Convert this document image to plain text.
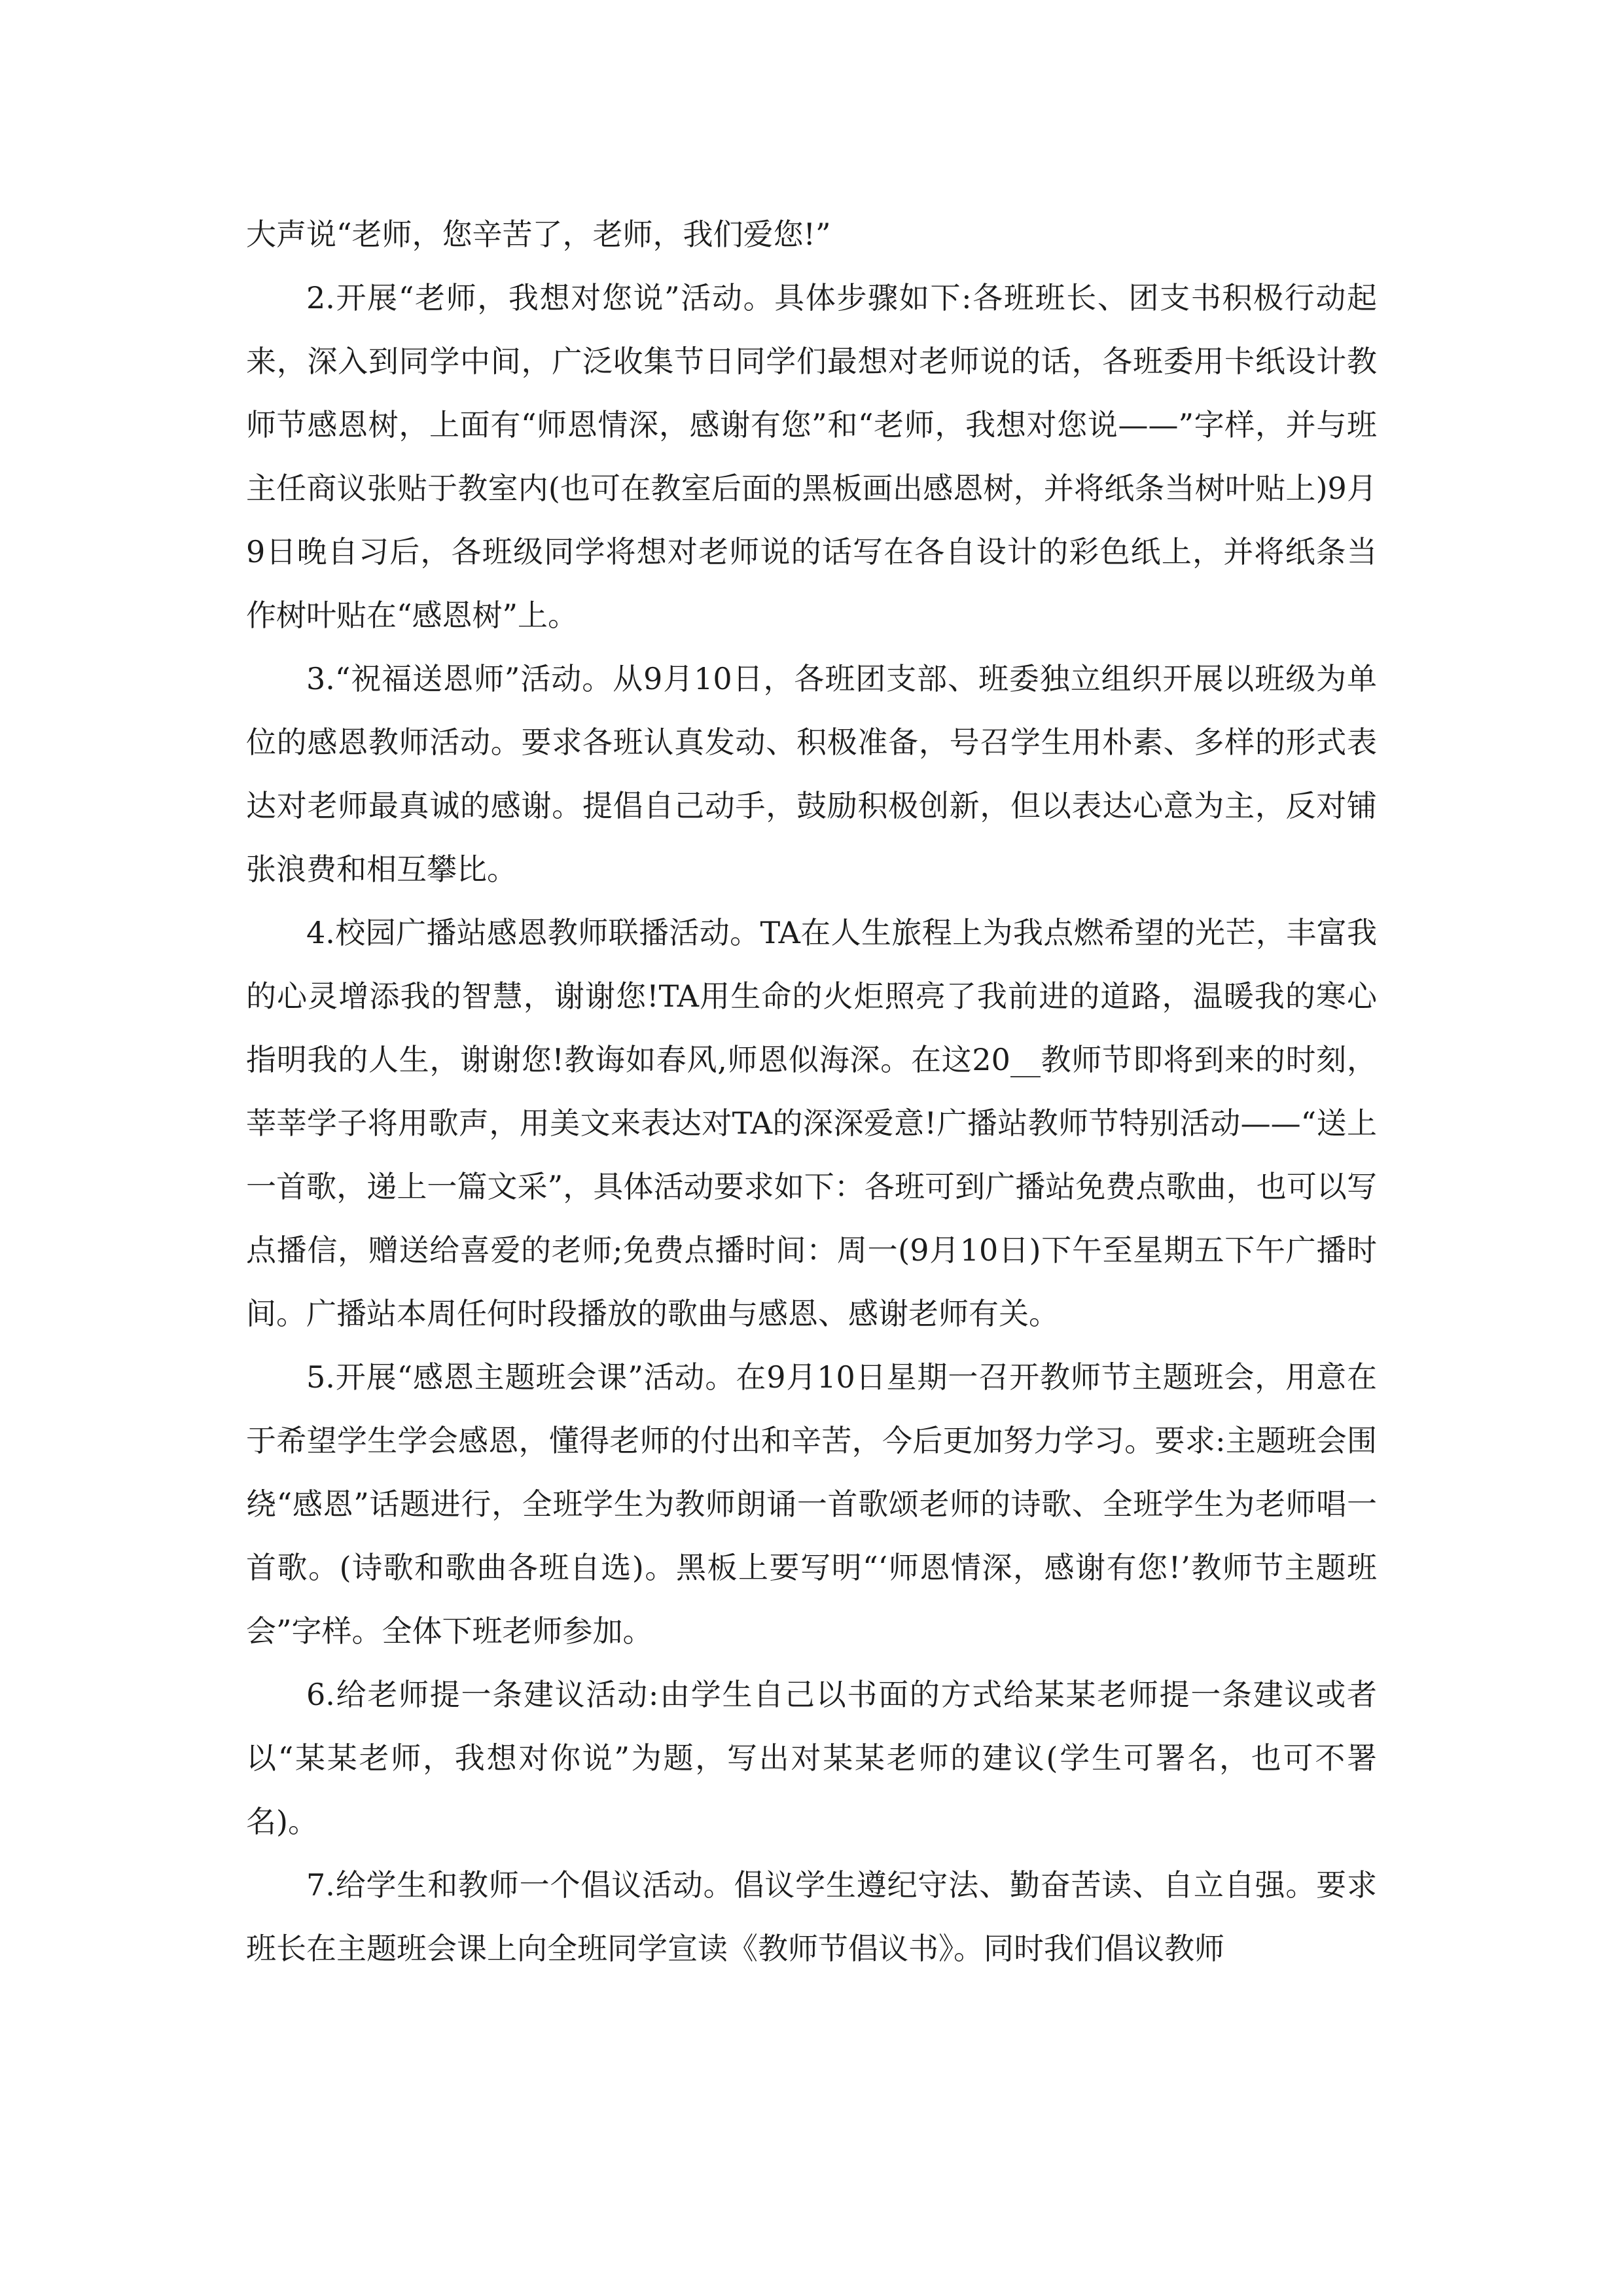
大声说“老师，您辛苦了，老师，我们爱您!”

2.开展“老师，我想对您说”活动。具体步骤如下:各班班长、团支书积极行动起来，深入到同学中间，广泛收集节日同学们最想对老师说的话，各班委用卡纸设计教师节感恩树，上面有“师恩情深，感谢有您”和“老师，我想对您说——”字样，并与班主任商议张贴于教室内(也可在教室后面的黑板画出感恩树，并将纸条当树叶贴上)9月9日晚自习后，各班级同学将想对老师说的话写在各自设计的彩色纸上，并将纸条当作树叶贴在“感恩树”上。

3.“祝福送恩师”活动。从9月10日，各班团支部、班委独立组织开展以班级为单位的感恩教师活动。要求各班认真发动、积极准备，号召学生用朴素、多样的形式表达对老师最真诚的感谢。提倡自己动手，鼓励积极创新，但以表达心意为主，反对铺张浪费和相互攀比。

4.校园广播站感恩教师联播活动。TA在人生旅程上为我点燃希望的光芒，丰富我的心灵增添我的智慧，谢谢您!TA用生命的火炬照亮了我前进的道路，温暖我的寒心指明我的人生，谢谢您!教诲如春风,师恩似海深。在这20__教师节即将到来的时刻，莘莘学子将用歌声，用美文来表达对TA的深深爱意!广播站教师节特别活动——“送上一首歌，递上一篇文采”，具体活动要求如下：各班可到广播站免费点歌曲，也可以写点播信，赠送给喜爱的老师;免费点播时间：周一(9月10日)下午至星期五下午广播时间。广播站本周任何时段播放的歌曲与感恩、感谢老师有关。

5.开展“感恩主题班会课”活动。在9月10日星期一召开教师节主题班会，用意在于希望学生学会感恩，懂得老师的付出和辛苦，今后更加努力学习。要求:主题班会围绕“感恩”话题进行，全班学生为教师朗诵一首歌颂老师的诗歌、全班学生为老师唱一首歌。(诗歌和歌曲各班自选)。黑板上要写明“‘师恩情深，感谢有您!’教师节主题班会”字样。全体下班老师参加。

6.给老师提一条建议活动:由学生自己以书面的方式给某某老师提一条建议或者以“某某老师，我想对你说”为题，写出对某某老师的建议(学生可署名，也可不署名)。

7.给学生和教师一个倡议活动。倡议学生遵纪守法、勤奋苦读、自立自强。要求班长在主题班会课上向全班同学宣读《教师节倡议书》。同时我们倡议教师
